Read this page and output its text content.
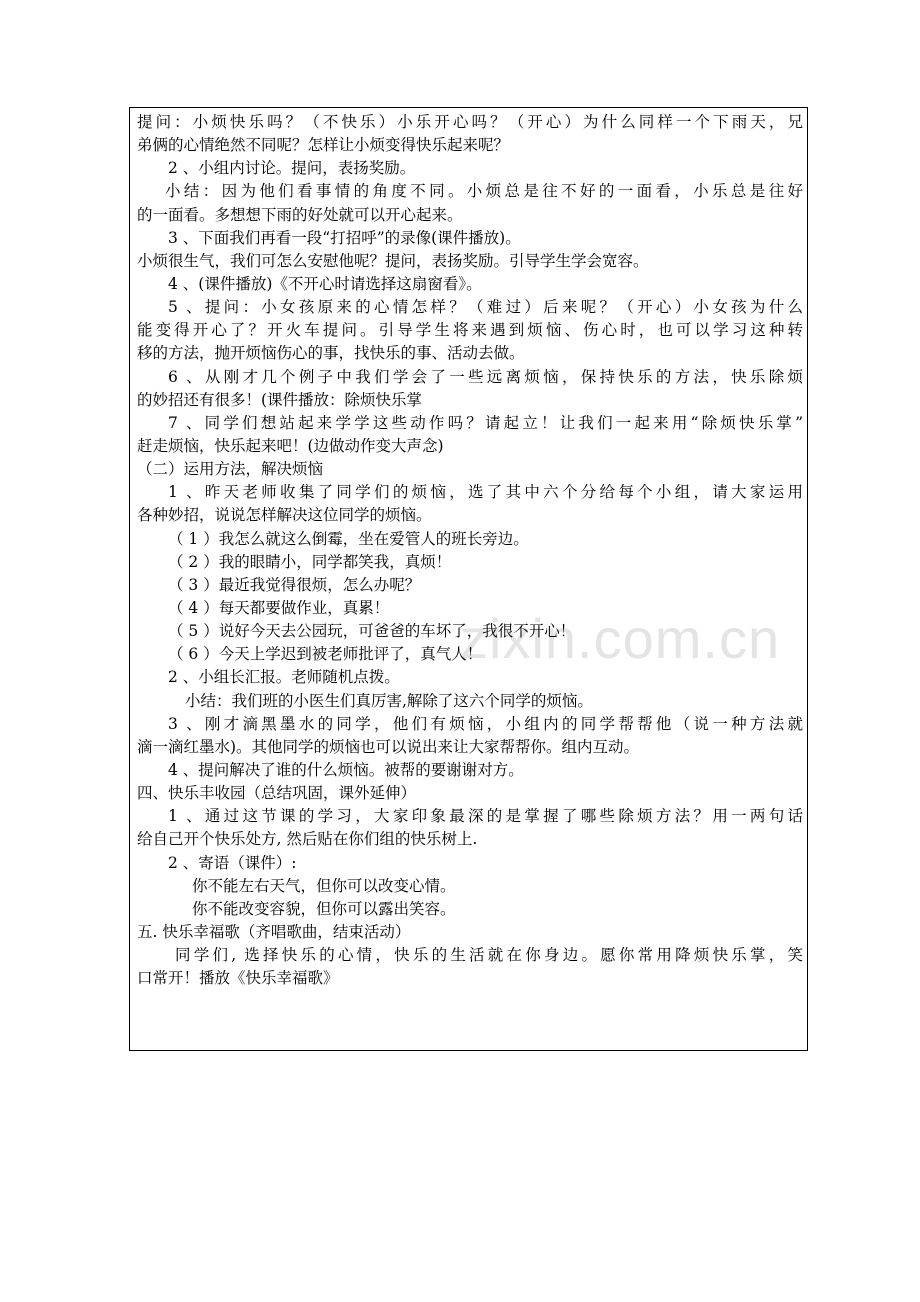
zixin.com.cn
提问：小烦快乐吗？（不快乐）小乐开心吗？（开心）为什么同样一个下雨天，兄
弟俩的心情绝然不同呢？怎样让小烦变得快乐起来呢？
2 、小组内讨论。提问，表扬奖励。
小结：因为他们看事情的角度不同。小烦总是往不好的一面看，小乐总是往好
的一面看。多想想下雨的好处就可以开心起来。
3 、下面我们再看一段“打招呼”的录像(课件播放)。
小烦很生气，我们可怎么安慰他呢？提问，表扬奖励。引导学生学会宽容。
4 、(课件播放)《不开心时请选择这扇窗看》。
5 、提问：小女孩原来的心情怎样？（难过）后来呢？（开心）小女孩为什么
能变得开心了？开火车提问。引导学生将来遇到烦恼、伤心时，也可以学习这种转
移的方法，抛开烦恼伤心的事，找快乐的事、活动去做。
6 、从刚才几个例子中我们学会了一些远离烦恼，保持快乐的方法，快乐除烦
的妙招还有很多！(课件播放：除烦快乐掌
7 、同学们想站起来学学这些动作吗？请起立！让我们一起来用“除烦快乐掌”
赶走烦恼，快乐起来吧！(边做动作变大声念)
（二）运用方法，解决烦恼
1 、昨天老师收集了同学们的烦恼，选了其中六个分给每个小组，请大家运用
各种妙招，说说怎样解决这位同学的烦恼。
（ 1 ）我怎么就这么倒霉，坐在爱管人的班长旁边。
（ 2 ）我的眼睛小，同学都笑我，真烦！
（ 3 ）最近我觉得很烦，怎么办呢？
（ 4 ）每天都要做作业，真累！
（ 5 ）说好今天去公园玩，可爸爸的车坏了，我很不开心！
（ 6 ）今天上学迟到被老师批评了，真气人！
2 、小组长汇报。老师随机点拨。
小结：我们班的小医生们真厉害,解除了这六个同学的烦恼。
3 、刚才滴黑墨水的同学，他们有烦恼，小组内的同学帮帮他（说一种方法就
滴一滴红墨水)。其他同学的烦恼也可以说出来让大家帮帮你。组内互动。
4 、提问解决了谁的什么烦恼。被帮的要谢谢对方。
四、快乐丰收园（总结巩固，课外延伸）
1 、通过这节课的学习，大家印象最深的是掌握了哪些除烦方法？用一两句话
给自己开个快乐处方, 然后贴在你们组的快乐树上.
2 、寄语（课件）:
你不能左右天气，但你可以改变心情。
你不能改变容貌，但你可以露出笑容。
五. 快乐幸福歌（齐唱歌曲，结束活动）
同学们, 选择快乐的心情，快乐的生活就在你身边。愿你常用降烦快乐掌，笑
口常开！播放《快乐幸福歌》
